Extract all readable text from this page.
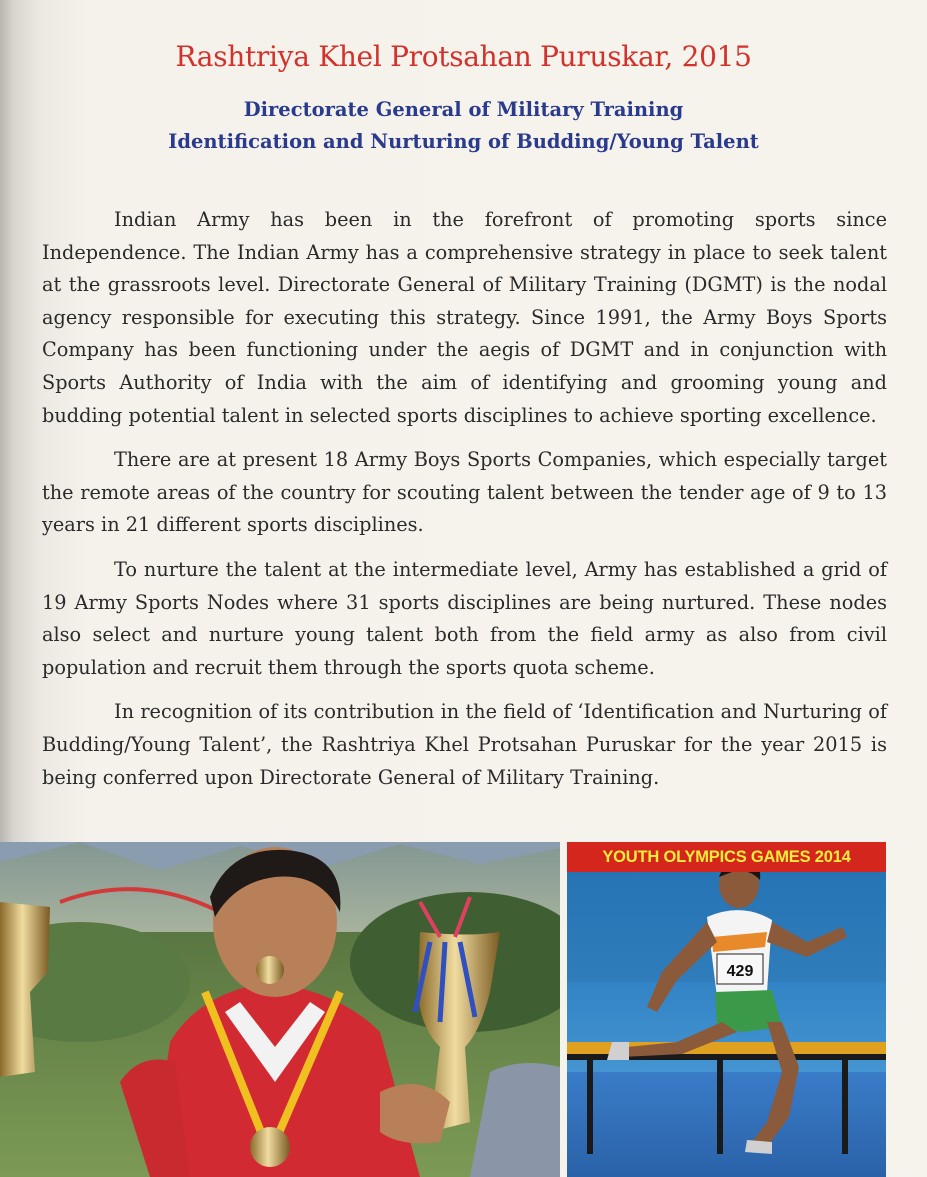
Rashtriya Khel Protsahan Puruskar, 2015
Directorate General of Military Training
Identification and Nurturing of Budding/Young Talent

Indian Army has been in the forefront of promoting sports since Independence. The Indian Army has a comprehensive strategy in place to seek talent at the grassroots level. Directorate General of Military Training (DGMT) is the nodal agency responsible for executing this strategy. Since 1991, the Army Boys Sports Company has been functioning under the aegis of DGMT and in conjunction with Sports Authority of India with the aim of identifying and grooming young and budding potential talent in selected sports disciplines to achieve sporting excellence.

There are at present 18 Army Boys Sports Companies, which especially target the remote areas of the country for scouting talent between the tender age of 9 to 13 years in 21 different sports disciplines.

To nurture the talent at the intermediate level, Army has established a grid of 19 Army Sports Nodes where 31 sports disciplines are being nurtured. These nodes also select and nurture young talent both from the field army as also from civil population and recruit them through the sports quota scheme.

In recognition of its contribution in the field of ‘Identification and Nurturing of Budding/Young Talent’, the Rashtriya Khel Protsahan Puruskar for the year 2015 is being conferred upon Directorate General of Military Training.

429
YOUTH OLYMPICS GAMES 2014
